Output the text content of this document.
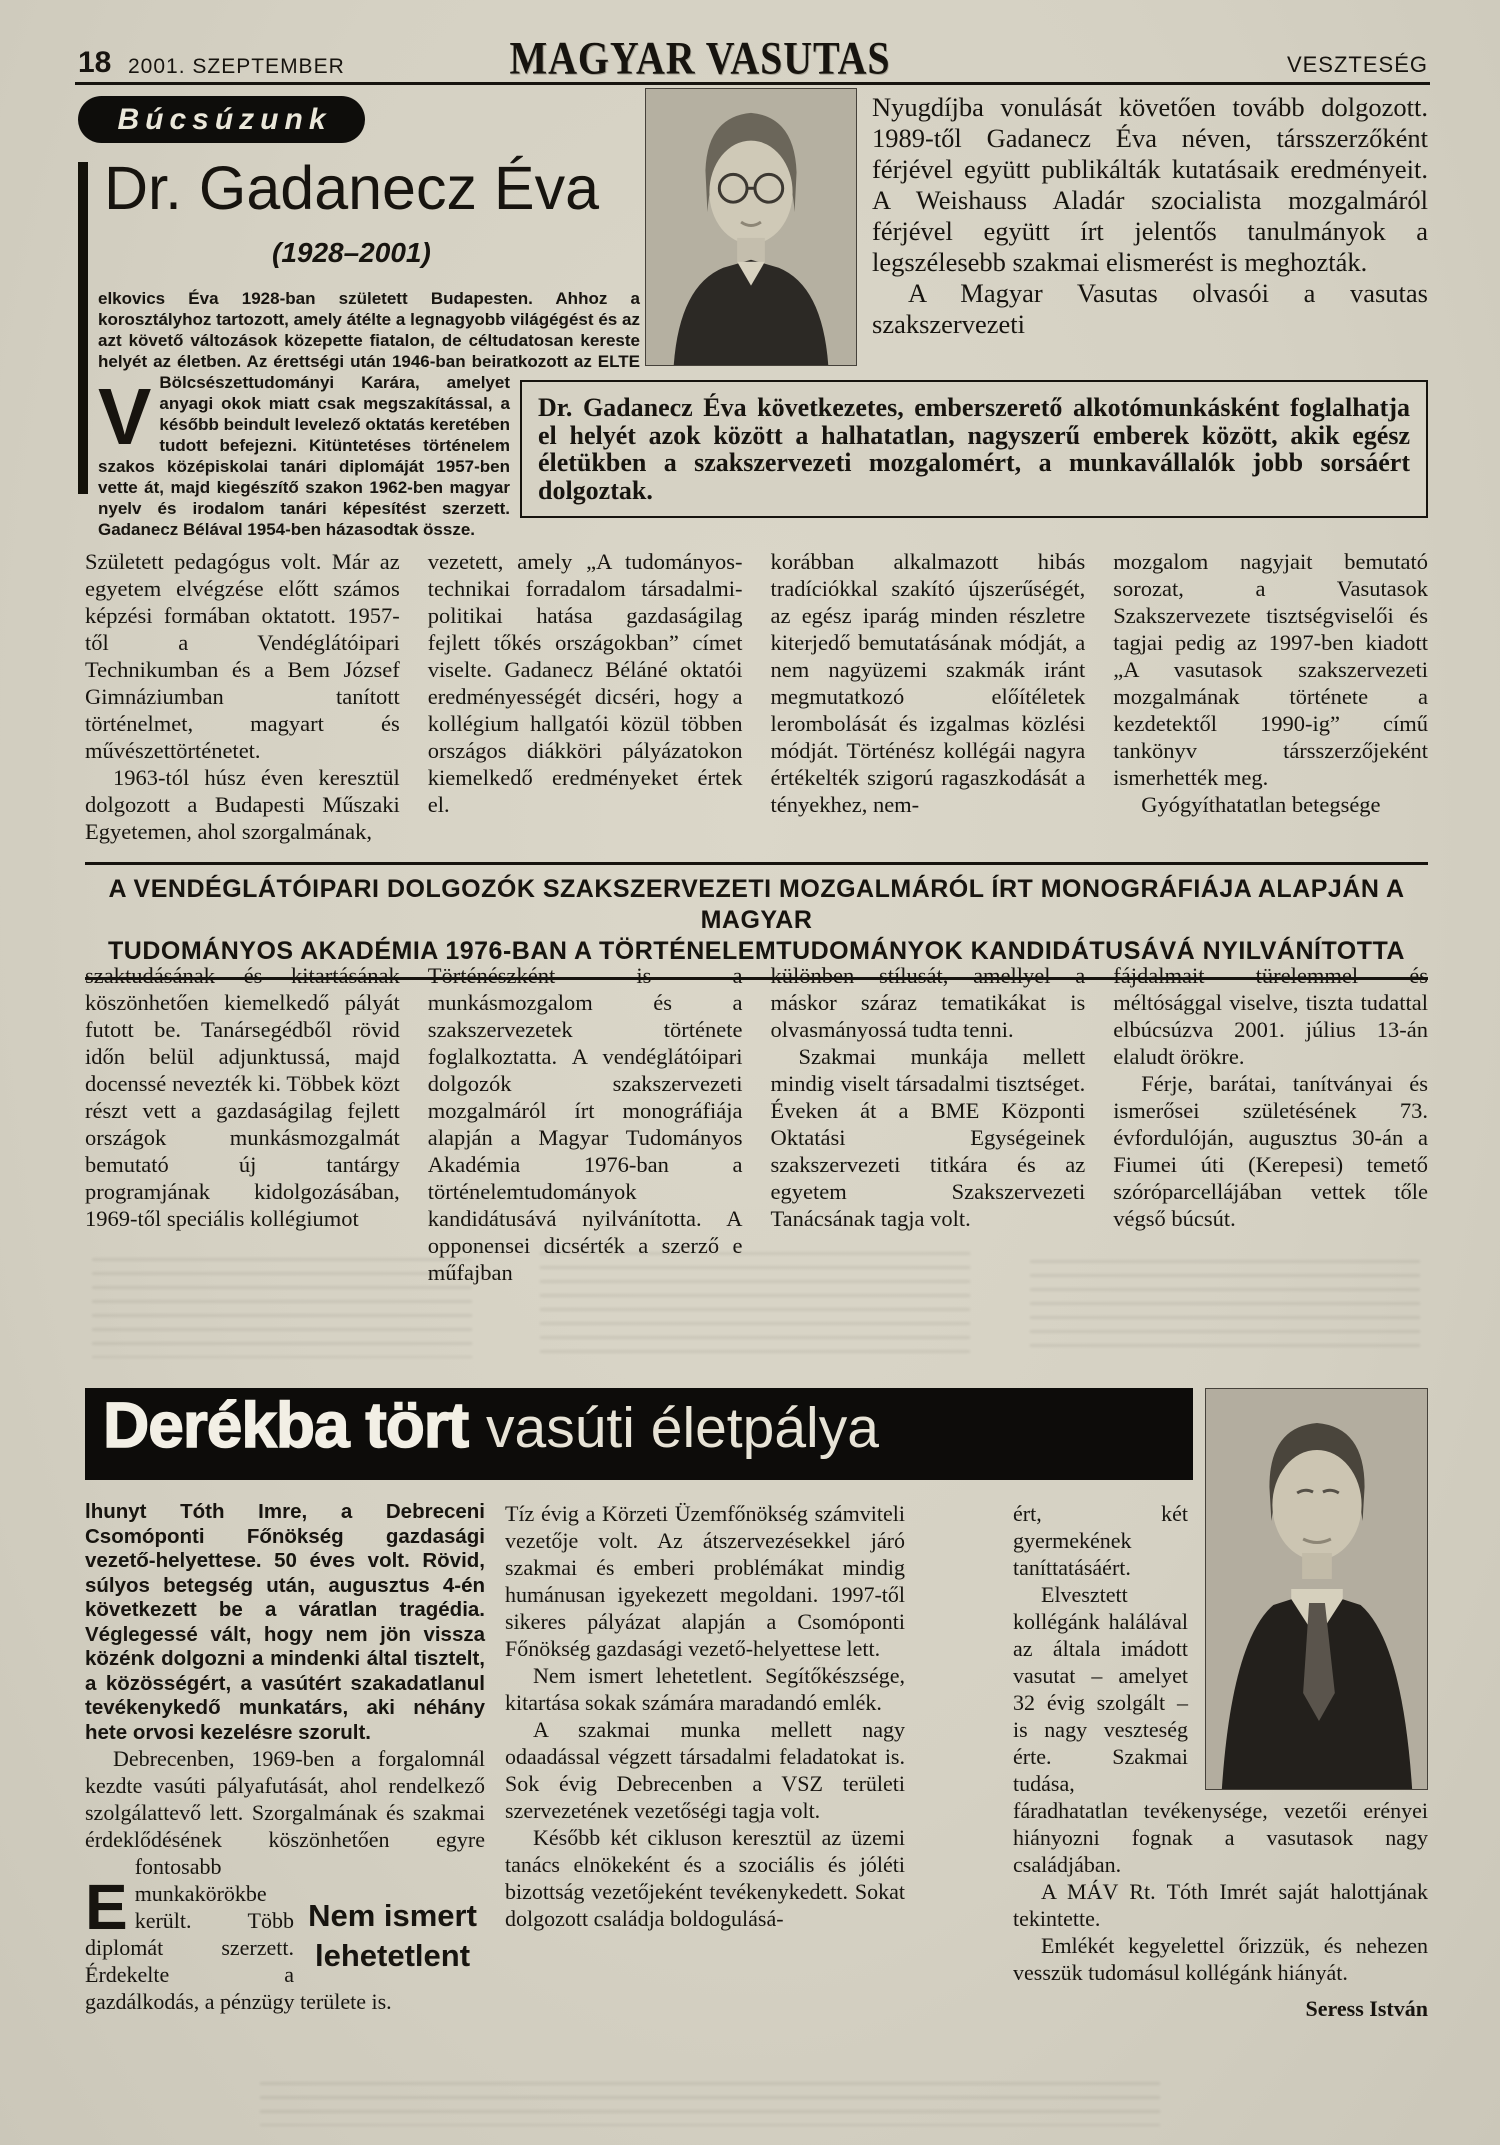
18 2001. SZEPTEMBER	MAGYAR VASUTAS	VESZTESÉG
Búcsúzunk
Dr. Gadanecz Éva
(1928–2001)

Nyugdíjba vonulását követően tovább dolgozott. 1989-től Gadanecz Éva néven, társszerzőként férjével együtt publikálták kutatásaik eredményeit. A Weishauss Aladár szocialista mozgalmáról férjével együtt írt jelentős tanulmányok a legszélesebb szakmai elismerést is meghozták.

A Magyar Vasutas olvasói a vasutas szakszervezeti

V
elkovics Éva 1928-ban született Budapesten. Ahhoz a korosztályhoz tartozott, amely átélte a legnagyobb világégést és az azt követő változások közepette fiatalon, de céltudatosan kereste helyét az életben. Az érettségi után 1946-ban beiratkozott az ELTE Bölcsészettudományi Karára, amelyet anyagi okok miatt csak megszakítással, a később beindult levelező oktatás keretében tudott befejezni. Kitüntetéses történelem szakos középiskolai tanári diplomáját 1957-ben vette át, majd kiegészítő szakon 1962-ben magyar nyelv és irodalom tanári képesítést szerzett. Gadanecz Bélával 1954-ben házasodtak össze.

Dr. Gadanecz Éva következetes, emberszerető alkotómunkásként foglalhatja el helyét azok között a halhatatlan, nagyszerű emberek között, akik egész életükben a szakszervezeti mozgalomért, a munkavállalók jobb sorsáért dolgoztak.

Született pedagógus volt. Már az egyetem elvégzése előtt számos képzési formában oktatott. 1957-től a Vendéglátóipari Technikumban és a Bem József Gimnáziumban tanított történelmet, magyart és művészettörténetet.

1963-tól húsz éven keresztül dolgozott a Budapesti Műszaki Egyetemen, ahol szorgalmának,

vezetett, amely „A tudományos-technikai forradalom társadalmi-politikai hatása gazdaságilag fejlett tőkés országokban” címet viselte. Gadanecz Béláné oktatói eredményességét dicséri, hogy a kollégium hallgatói közül többen országos diákköri pályázatokon kiemelkedő eredményeket értek el.

korábban alkalmazott hibás tradíciókkal szakító újszerűségét, az egész iparág minden részletre kiterjedő bemutatásának módját, a nem nagyüzemi szakmák iránt megmutatkozó előítéletek lerombolását és izgalmas közlési módját. Történész kollégái nagyra értékelték szigorú ragaszkodását a tényekhez, nem-

mozgalom nagyjait bemutató sorozat, a Vasutasok Szakszervezete tisztségviselői és tagjai pedig az 1997-ben kiadott „A vasutasok szakszervezeti mozgalmának története a kezdetektől 1990-ig” című tankönyv társszerzőjeként ismerhették meg.

Gyógyíthatatlan betegsége

A VENDÉGLÁTÓIPARI DOLGOZÓK SZAKSZERVEZETI MOZGALMÁRÓL ÍRT MONOGRÁFIÁJA ALAPJÁN A MAGYAR
TUDOMÁNYOS AKADÉMIA 1976-BAN A TÖRTÉNELEMTUDOMÁNYOK KANDIDÁTUSÁVÁ NYILVÁNÍTOTTA

szaktudásának és kitartásának köszönhetően kiemelkedő pályát futott be. Tanársegédből rövid időn belül adjunktussá, majd docenssé nevezték ki. Többek közt részt vett a gazdaságilag fejlett országok munkásmozgalmát bemutató új tantárgy programjának kidolgozásában, 1969-től speciális kollégiumot

Történészként is a munkásmozgalom és a szakszervezetek története foglalkoztatta. A vendéglátóipari dolgozók szakszervezeti mozgalmáról írt monográfiája alapján a Magyar Tudományos Akadémia 1976-ban a történelemtudományok kandidátusává nyilvánította. A opponensei dicsérték a szerző e műfajban

különben stílusát, amellyel a máskor száraz tematikákat is olvasmányossá tudta tenni.

Szakmai munkája mellett mindig viselt társadalmi tisztséget. Éveken át a BME Központi Oktatási Egységeinek szakszervezeti titkára és az egyetem Szakszervezeti Tanácsának tagja volt.

fájdalmait türelemmel és méltósággal viselve, tiszta tudattal elbúcsúzva 2001. július 13-án elaludt örökre.

Férje, barátai, tanítványai és ismerősei születésének 73. évfordulóján, augusztus 30-án a Fiumei úti (Kerepesi) temető szóróparcellájában vettek tőle végső búcsút.

Derékba tört vasúti életpálya
Nem ismert lehetetlent

E
lhunyt Tóth Imre, a Debreceni Csomóponti Főnökség gazdasági vezető-helyettese. 50 éves volt. Rövid, súlyos betegség után, augusztus 4-én következett be a váratlan tragédia. Véglegessé vált, hogy nem jön vissza közénk dolgozni a mindenki által tisztelt, a közösségért, a vasútért szakadatlanul tevékenykedő munkatárs, aki néhány hete orvosi kezelésre szorult.

Debrecenben, 1969-ben a forgalomnál kezdte vasúti pályafutását, ahol rendelkező szolgálattevő lett. Szorgalmának és szakmai érdeklődésének köszönhetően egyre fontosabb munkakörökbe került. Több diplomát szerzett. Érdekelte a gazdálkodás, a pénzügy területe is.

Tíz évig a Körzeti Üzemfőnökség számviteli vezetője volt. Az átszervezésekkel járó szakmai és emberi problémákat mindig humánusan igyekezett megoldani. 1997-től sikeres pályázat alapján a Csomóponti Főnökség gazdasági vezető-helyettese lett.

Nem ismert lehetetlent. Segítőkészsége, kitartása sokak számára maradandó emlék.

A szakmai munka mellett nagy odaadással végzett társadalmi feladatokat is. Sok évig Debrecenben a VSZ területi szervezetének vezetőségi tagja volt.

Később két cikluson keresztül az üzemi tanács elnökeként és a szociális és jóléti bizottság vezetőjeként tevékenykedett. Sokat dolgozott családja boldogulásá-

ért, két gyermekének taníttatásáért.

Elvesztett kollégánk halálával az általa imádott vasutat – amelyet 32 évig szolgált – is nagy veszteség érte. Szakmai tudása, fáradhatatlan tevékenysége, vezetői erényei hiányozni fognak a vasutasok nagy családjában.

A MÁV Rt. Tóth Imrét saját halottjának tekintette.

Emlékét kegyelettel őrizzük, és nehezen vesszük tudomásul kollégánk hiányát.

Seress István
